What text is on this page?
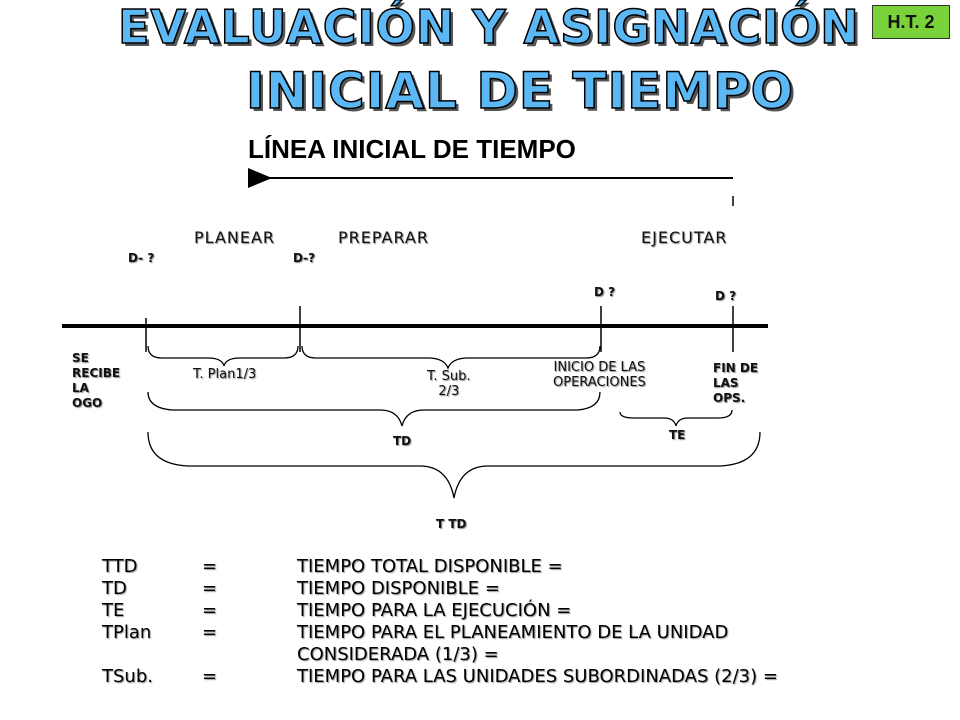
EVALUACIÓN Y ASIGNACIÓN
INICIAL DE TIEMPO
H.T. 2
LÍNEA INICIAL DE TIEMPO
PLANEAR	PREPARAR	EJECUTAR
D- ?	D-?
D ?	D ?
SE
RECIBE
LA
OGO
INICIO DE LAS
OPERACIONES
FIN DE
LAS
OPS.
T. Plan1/3	T. Sub.
2/3
TD	TE
T TD
TTD	=	TIEMPO TOTAL DISPONIBLE =
TD	=	TIEMPO DISPONIBLE =
TE	=	TIEMPO PARA LA EJECUCIÓN =
TPlan	=	TIEMPO PARA EL PLANEAMIENTO DE LA UNIDAD
CONSIDERADA (1/3) =
TSub.	=	TIEMPO PARA LAS UNIDADES SUBORDINADAS (2/3) =
